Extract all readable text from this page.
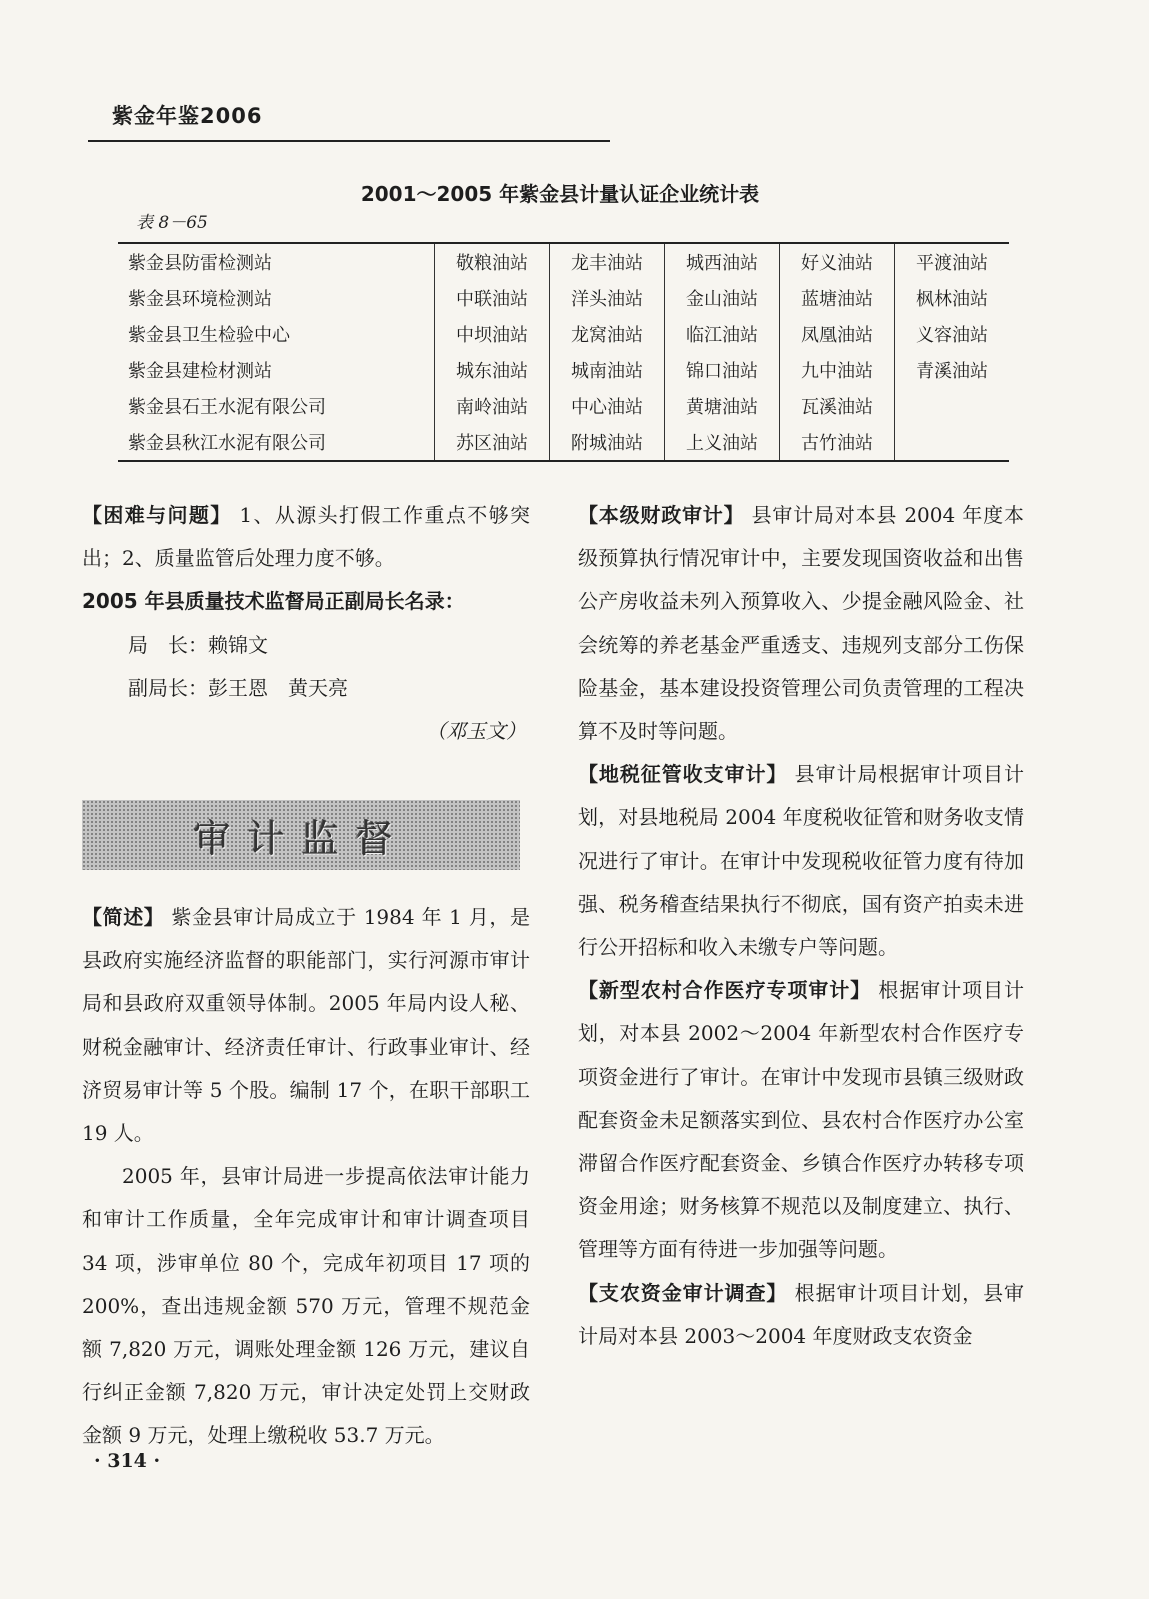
紫金年鉴2006
2001～2005 年紫金县计量认证企业统计表
表 8－65
紫金县防雷检测站	敬粮油站	龙丰油站	城西油站	好义油站	平渡油站
紫金县环境检测站	中联油站	洋头油站	金山油站	蓝塘油站	枫林油站
紫金县卫生检验中心	中坝油站	龙窝油站	临江油站	凤凰油站	义容油站
紫金县建检材测站	城东油站	城南油站	锦口油站	九中油站	青溪油站
紫金县石王水泥有限公司	南岭油站	中心油站	黄塘油站	瓦溪油站	
紫金县秋江水泥有限公司	苏区油站	附城油站	上义油站	古竹油站	

【困难与问题】 1、从源头打假工作重点不够突出；2、质量监管后处理力度不够。

2005 年县质量技术监督局正副局长名录：

局　长：赖锦文

副局长：彭王恩　黄天亮

（邓玉文）

审计监督

【简述】 紫金县审计局成立于 1984 年 1 月，是县政府实施经济监督的职能部门，实行河源市审计局和县政府双重领导体制。2005 年局内设人秘、财税金融审计、经济责任审计、行政事业审计、经济贸易审计等 5 个股。编制 17 个，在职干部职工 19 人。

2005 年，县审计局进一步提高依法审计能力和审计工作质量，全年完成审计和审计调查项目 34 项，涉审单位 80 个，完成年初项目 17 项的 200%，查出违规金额 570 万元，管理不规范金额 7,820 万元，调账处理金额 126 万元，建议自行纠正金额 7,820 万元，审计决定处罚上交财政金额 9 万元，处理上缴税收 53.7 万元。

【本级财政审计】 县审计局对本县 2004 年度本级预算执行情况审计中，主要发现国资收益和出售公产房收益未列入预算收入、少提金融风险金、社会统筹的养老基金严重透支、违规列支部分工伤保险基金，基本建设投资管理公司负责管理的工程决算不及时等问题。

【地税征管收支审计】 县审计局根据审计项目计划，对县地税局 2004 年度税收征管和财务收支情况进行了审计。在审计中发现税收征管力度有待加强、税务稽查结果执行不彻底，国有资产拍卖未进行公开招标和收入未缴专户等问题。

【新型农村合作医疗专项审计】 根据审计项目计划，对本县 2002～2004 年新型农村合作医疗专项资金进行了审计。在审计中发现市县镇三级财政配套资金未足额落实到位、县农村合作医疗办公室滞留合作医疗配套资金、乡镇合作医疗办转移专项资金用途；财务核算不规范以及制度建立、执行、管理等方面有待进一步加强等问题。

【支农资金审计调查】 根据审计项目计划，县审计局对本县 2003～2004 年度财政支农资金

· 314 ·
